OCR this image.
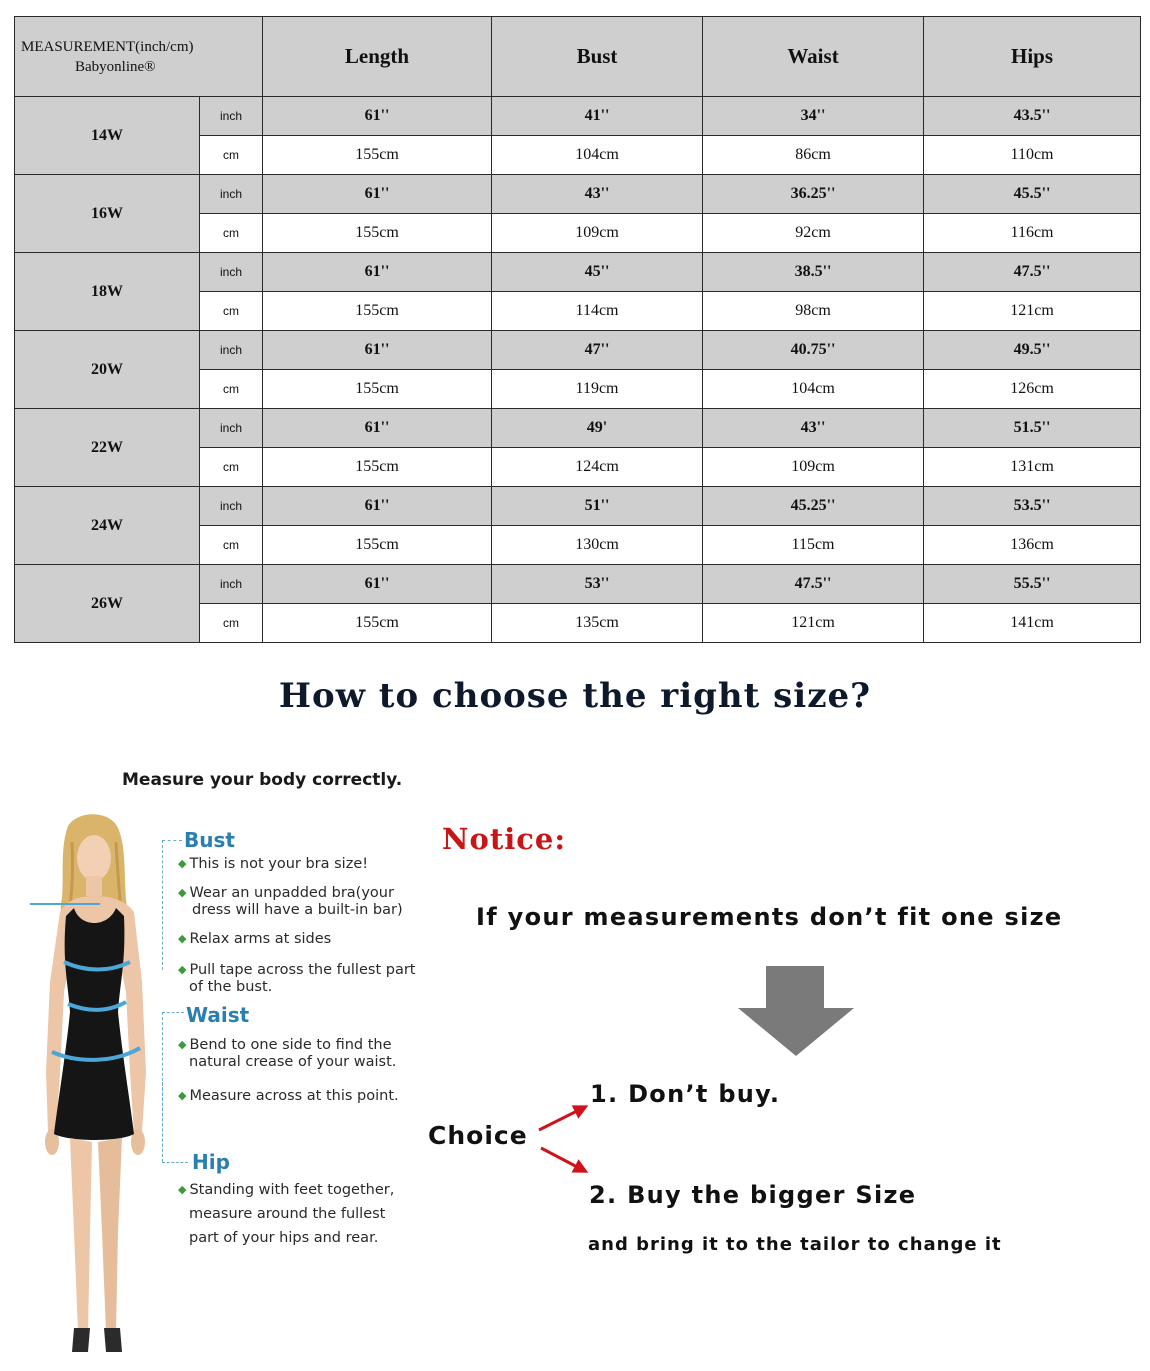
MEASUREMENT(inch/cm)
Babyonline®		Length	Bust	Waist	Hips
14W	inch	61''	41''	34''	43.5''
	cm	155cm	104cm	86cm	110cm
16W	inch	61''	43''	36.25''	45.5''
	cm	155cm	109cm	92cm	116cm
18W	inch	61''	45''	38.5''	47.5''
	cm	155cm	114cm	98cm	121cm
20W	inch	61''	47''	40.75''	49.5''
	cm	155cm	119cm	104cm	126cm
22W	inch	61''	49'	43''	51.5''
	cm	155cm	124cm	109cm	131cm
24W	inch	61''	51''	45.25''	53.5''
	cm	155cm	130cm	115cm	136cm
26W	inch	61''	53''	47.5''	55.5''
	cm	155cm	135cm	121cm	141cm
How to choose the right size?
Measure your body correctly.
Bust
◆ This is not your bra size!
◆ Wear an unpadded bra(your
dress will have a built-in bar)
◆ Relax arms at sides
◆ Pull tape across the fullest part
of the bust.
Waist
◆ Bend to one side to find the
natural crease of your waist.
◆ Measure across at this point.
Hip
◆ Standing with feet together,
measure around the fullest
part of your hips and rear.
Notice:
If your measurements don’t fit one size
Choice
1. Don’t buy.
2. Buy the bigger Size
and bring it to the tailor to change it
